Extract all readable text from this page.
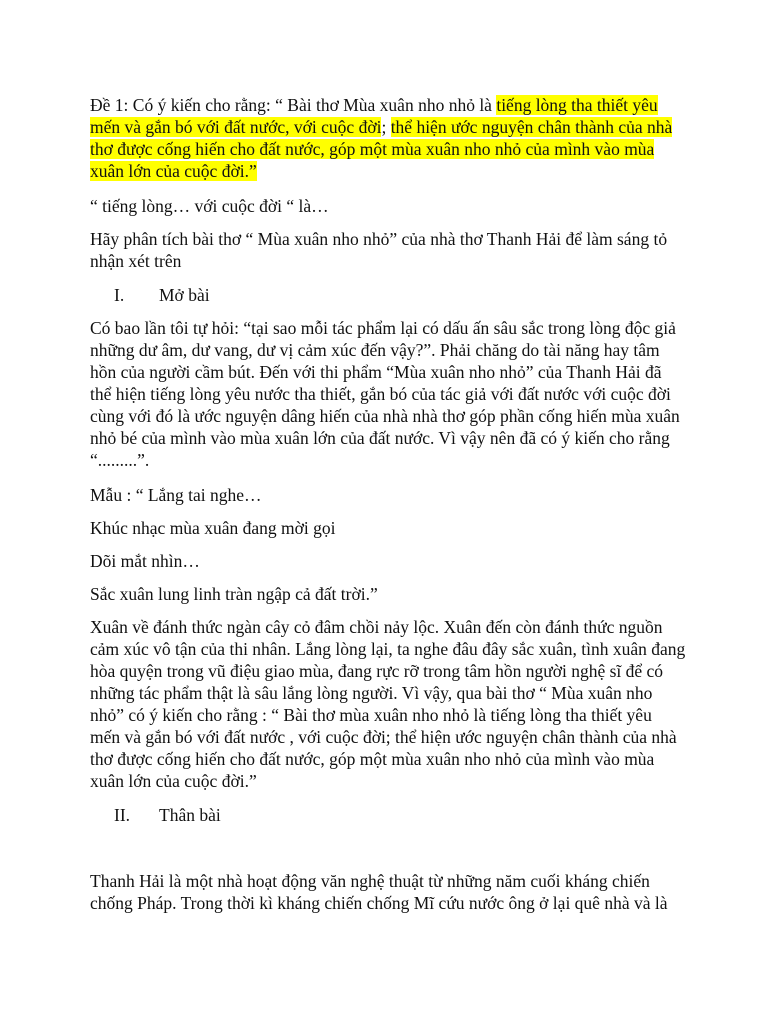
Đề 1: Có ý kiến cho rằng: “ Bài thơ Mùa xuân nho nhỏ là tiếng lòng tha thiết yêu mến và gắn bó với đất nước, với cuộc đời; thể hiện ước nguyện chân thành của nhà thơ được cống hiến cho đất nước, góp một mùa xuân nho nhỏ của mình vào mùa xuân lớn của cuộc đời.”

“ tiếng lòng… với cuộc đời “ là…

Hãy phân tích bài thơ “ Mùa xuân nho nhỏ” của nhà thơ Thanh Hải để làm sáng tỏ nhận xét trên

I. Mở bài

Có bao lần tôi tự hỏi: “tại sao mỗi tác phẩm lại có dấu ấn sâu sắc trong lòng độc giả những dư âm, dư vang, dư vị cảm xúc đến vậy?”. Phải chăng do tài năng hay tâm hồn của người cầm bút. Đến với thi phẩm “Mùa xuân nho nhỏ” của Thanh Hải đã thể hiện tiếng lòng yêu nước tha thiết, gắn bó của tác giả với đất nước với cuộc đời cùng với đó là ước nguyện dâng hiến của nhà nhà thơ góp phần cống hiến mùa xuân nhỏ bé của mình vào mùa xuân lớn của đất nước. Vì vậy nên đã có ý kiến cho rằng “.........”.

Mẫu : “ Lắng tai nghe…

Khúc nhạc mùa xuân đang mời gọi

Dõi mắt nhìn…

Sắc xuân lung linh tràn ngập cả đất trời.”

Xuân về đánh thức ngàn cây cỏ đâm chồi nảy lộc. Xuân đến còn đánh thức nguồn cảm xúc vô tận của thi nhân. Lắng lòng lại, ta nghe đâu đây sắc xuân, tình xuân đang hòa quyện trong vũ điệu giao mùa, đang rực rỡ trong tâm hồn người nghệ sĩ để có những tác phẩm thật là sâu lắng lòng người. Vì vậy, qua bài thơ “ Mùa xuân nho nhỏ” có ý kiến cho rằng : “ Bài thơ mùa xuân nho nhỏ là tiếng lòng tha thiết yêu mến và gắn bó với đất nước , với cuộc đời; thể hiện ước nguyện chân thành của nhà thơ được cống hiến cho đất nước, góp một mùa xuân nho nhỏ của mình vào mùa xuân lớn của cuộc đời.”

II. Thân bài

Thanh Hải là một nhà hoạt động văn nghệ thuật từ những năm cuối kháng chiến chống Pháp. Trong thời kì kháng chiến chống Mĩ cứu nước ông ở lại quê nhà và là
